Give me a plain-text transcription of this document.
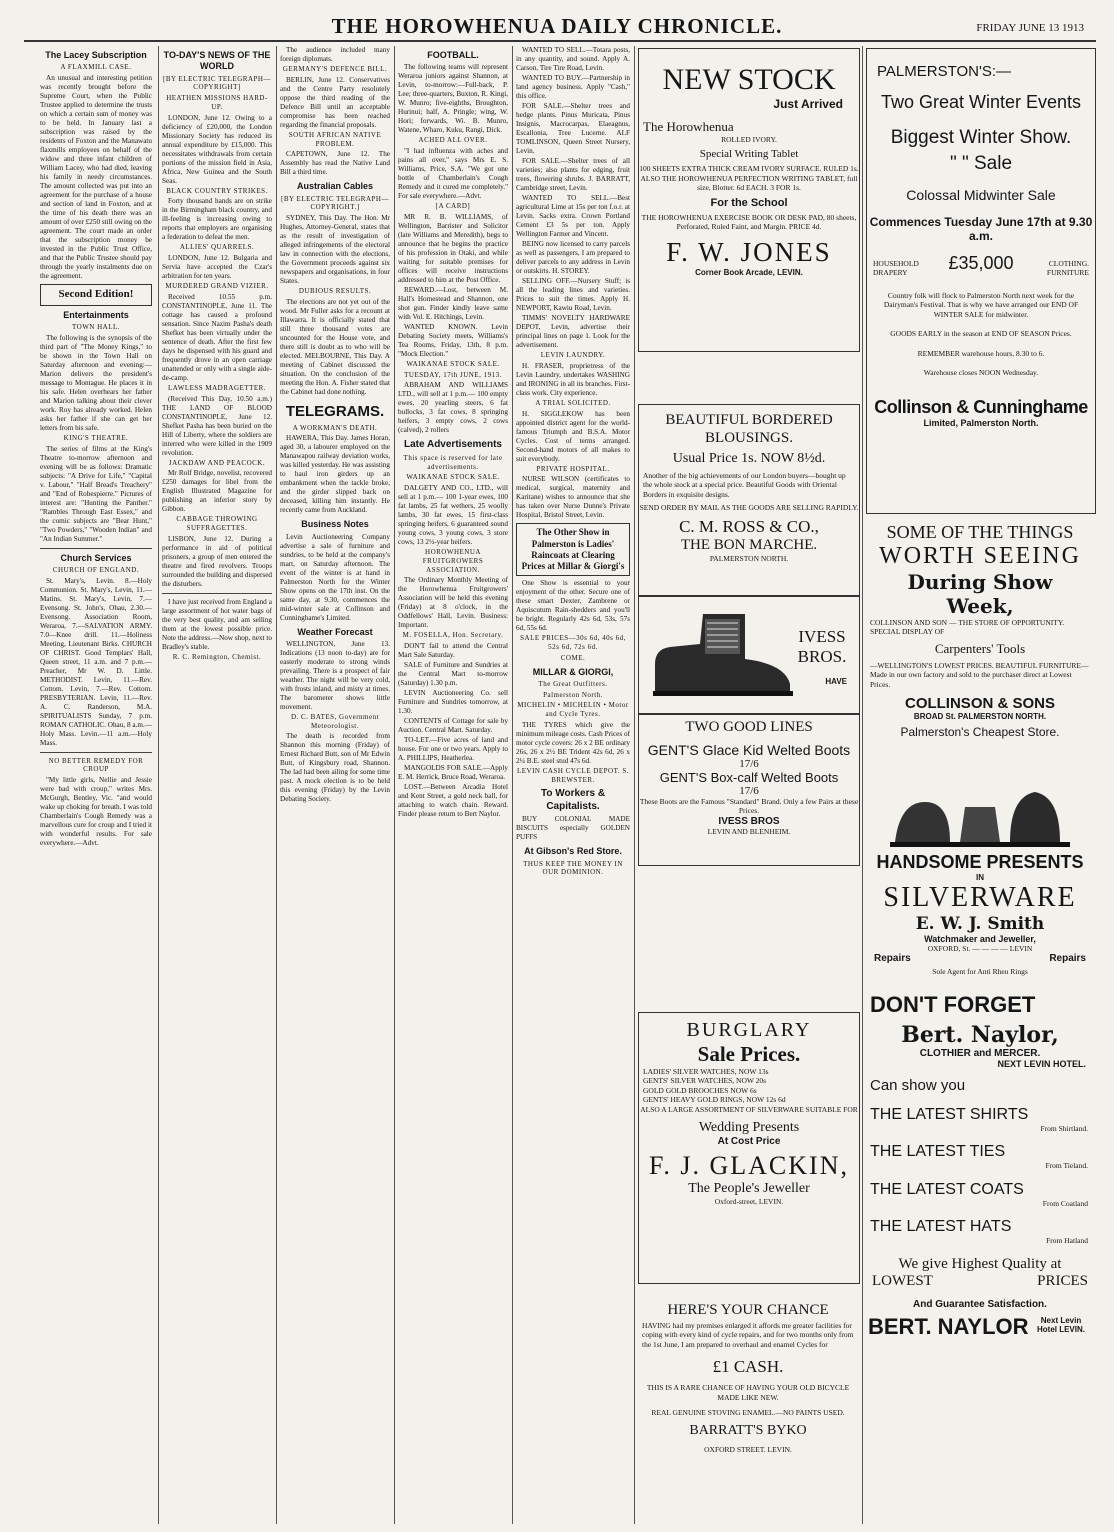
THE HOROWHENUA DAILY CHRONICLE.	FRIDAY JUNE 13 1913
The Lacey Subscription
A FLAXMILL CASE.

An unusual and interesting petition was recently brought before the Supreme Court, when the Public Trustee applied to determine the trusts on which a certain sum of money was to be held. In January last a subscription was raised by the residents of Foxton and the Manawatu flaxmills employees on behalf of the widow and three infant children of William Lacey, who had died, leaving his family in needy circumstances. The amount collected was put into an agreement for the purchase of a house and section of land in Foxton, and at the time of his death there was an amount of over £250 still owing on the agreement. The court made an order that the subscription money be invested in the Public Trust Office, and that the Public Trustee should pay through the yearly instalments due on the agreement.

Second Edition!
Entertainments
TOWN HALL.

The following is the synopsis of the third part of "The Money Kings," to be shown in the Town Hall on Saturday afternoon and evening:—Marion delivers the president's message to Montague. He places it in his safe. Helen overhears her father and Marion talking about their clever work. Roy has already worked. Helen asks her father if she can get her letters from his safe.

KING'S THEATRE.

The series of films at the King's Theatre to-morrow afternoon and evening will be as follows: Dramatic subjects: "A Drive for Life," "Capital v. Labour," "Half Bread's Treachery" and "End of Robespierre." Pictures of interest are: "Hunting the Panther." "Rambles Through East Essex," and the comic subjects are "Bear Hunt," "Two Powders," "Wooden Indian" and "An Indian Summer."

Church Services
CHURCH OF ENGLAND.

St. Mary's, Levin. 8.—Holy Communion. St. Mary's, Levin, 11.—Matins. St. Mary's, Levin, 7.—Evensong. St. John's, Ohau, 2.30.—Evensong. Association Room, Weraroa, 7.—SALVATION ARMY. 7.0—Knee drill. 11.—Holiness Meeting, Lieutenant Birks. CHURCH OF CHRIST. Good Templars' Hall, Queen street, 11 a.m. and 7 p.m.—Preacher, Mr W. D. Little. METHODIST. Levin, 11.—Rev. Cottom. Levin, 7.—Rev. Cottom. PRESBYTERIAN. Levin, 11.—Rev. A. C. Randerson, M.A. SPIRITUALISTS Sunday, 7 p.m. ROMAN CATHOLIC. Ohau, 8 a.m.—Holy Mass. Levin.—11 a.m.—Holy Mass.

NO BETTER REMEDY FOR CROUP

"My little girls, Nellie and Jessie were bad with croup," writes Mrs. McGurgh, Bentley, Vic. "and would wake up choking for breath. I was told Chamberlain's Cough Remedy was a marvellous cure for croup and I tried it with wonderful results. For sale everywhere.—Advt.

TO-DAY'S NEWS OF THE WORLD
[BY ELECTRIC TELEGRAPH—COPYRIGHT]
HEATHEN MISSIONS HARD-UP.

LONDON, June 12. Owing to a deficiency of £20,000, the London Missionary Society has reduced its annual expenditure by £15,000. This necessitates withdrawals from certain portions of the mission field in Asia, Africa, New Guinea and the South Seas.

BLACK COUNTRY STRIKES.

Forty thousand hands are on strike in the Birmingham black country, and ill-feeling is increasing owing to reports that employers are organising a federation to defeat the men.

ALLIES' QUARRELS.

LONDON, June 12. Bulgaria and Servia have accepted the Czar's arbitration for ten years.

MURDERED GRAND VIZIER.

Received 10.55 p.m. CONSTANTINOPLE, June 11. The cottage has caused a profound sensation. Since Nazim Pasha's death Shefket has been virtually under the sentence of death. After the first few days he dispensed with his guard and frequently drove in an open carriage unattended or only with a single aide-de-camp.

LAWLESS MADRAGETTER.

(Received This Day, 10.50 a.m.) THE LAND OF BLOOD CONSTANTINOPLE, June 12. Shefket Pasha has been buried on the Hill of Liberty, where the soldiers are interred who were killed in the 1909 revolution.

JACKDAW AND PEACOCK.

Mr Rolf Bridge, novelist, recovered £250 damages for libel from the English Illustrated Magazine for publishing an inferior story by Gibbon.

CABBAGE THROWING SUFFRAGETTES.

LISBON, June 12. During a performance in aid of political prisoners, a group of men entered the theatre and fired revolvers. Troops surrounded the building and dispersed the disturbers.

I have just received from England a large assortment of hot water bags of the very best quality, and am selling them at the lowest possible price. Note the address.—Now shop, next to Bradley's stable.

R. C. Remington, Chemist.

The audience included many foreign diplomats.

GERMANY'S DEFENCE BILL.

BERLIN, June 12. Conservatives and the Centre Party resolutely oppose the third reading of the Defence Bill until an acceptable compromise has been reached regarding the financial proposals.

SOUTH AFRICAN NATIVE PROBLEM.

CAPETOWN, June 12. The Assembly has read the Native Land Bill a third time.

Australian Cables
[BY ELECTRIC TELEGRAPH—COPYRIGHT.]

SYDNEY, This Day. The Hon. Mr Hughes, Attorney-General, states that as the result of investigation of alleged infringements of the electoral law in connection with the elections, the Government proceeds against six newspapers and organisations, in four States.

DUBIOUS RESULTS.

The elections are not yet out of the wood. Mr Fuller asks for a recount at Illawarra. It is officially stated that still three thousand votes are uncounted for the House vote, and there still is doubt as to who will be elected. MELBOURNE, This Day. A meeting of Cabinet discussed the situation. On the conclusion of the meeting the Hon. A. Fisher stated that the Cabinet had done nothing.

TELEGRAMS.
A WORKMAN'S DEATH.

HAWERA, This Day. James Horan, aged 30, a labourer employed on the Manawapou railway deviation works, was killed yesterday. He was assisting to haul iron girders up an embankment when the tackle broke, and the girder slipped back on deceased, killing him instantly. He recently came from Auckland.

Business Notes

Levin Auctioneering Company advertise a sale of furniture and sundries, to be held at the company's mart, on Saturday afternoon. The event of the winter is at hand in Palmerston North for the Winter Show opens on the 17th inst. On the same day, at 9.30, commences the mid-winter sale at Collinson and Cunninghame's Limited.

Weather Forecast

WELLINGTON, June 13. Indications (13 noon to-day) are for easterly moderate to strong winds prevailing. There is a prospect of fair weather. The night will be very cold, with frosts inland, and misty at times. The barometer shows little movement.

D. C. BATES, Government Meteorologist.

The death is recorded from Shannon this morning (Friday) of Ernest Richard Butt, son of Mr Edwin Butt, of Kingsbury road, Shannon. The lad had been ailing for some time past. A mock election is to be held this evening (Friday) by the Levin Debating Society.

FOOTBALL.

The following teams will represent Weraroa juniors against Shannon, at Levin, to-morrow:—Full-back, P. Lee; three-quarters, Buxton, R. Kingi, W. Munro; five-eighths, Broughton, Hurinui; half, A. Pringle; wing, W. Hori; forwards, Wi. B. Munro, Watene, Wharo, Kuku, Rangi, Dick.

ACHED ALL OVER.

"I had influenza with aches and pains all over," says Mrs E. S. Williams, Price, S.A. "We got one bottle of Chamberlain's Cough Remedy and it cured me completely." For sale everywhere.—Advt.

[A CARD]

MR R. B. WILLIAMS, of Wellington, Barrister and Solicitor (late Williams and Meredith), begs to announce that he begins the practice of his profession in Otaki, and while waiting for suitable premises for offices will receive instructions addressed to him at the Post Office.

REWARD.—Lost, between M. Hall's Homestead and Shannon, one shot gun. Finder kindly leave same with Vol. E. Hitchings, Levin.

WANTED KNOWN. Levin Debating Society meets, Williams's Tea Rooms, Friday, 13th, 8 p.m. "Mock Election."

WAIKANAE STOCK SALE.
TUESDAY, 17th JUNE, 1913.

ABRAHAM AND WILLIAMS LTD., will sell at 1 p.m.— 100 empty ewes, 20 yearling steers, 6 fat bullocks, 3 fat cows, 8 springing heifers, 3 empty cows, 2 cows (calved), 2 rollers

Late Advertisements
This space is reserved for late advertisements.
WAIKANAE STOCK SALE.

DALGETY AND CO., LTD., will sell at 1 p.m.— 100 1-year ewes, 100 fat lambs, 25 fat wethers, 25 woolly lambs, 30 fat ewes, 15 first-class springing heifers, 6 guaranteed sound young cows, 3 young cows, 3 store cows, 13 2½-year heifers.

HOROWHENUA FRUITGROWERS ASSOCIATION.

The Ordinary Monthly Meeting of the Horowhenua Fruitgrowers' Association will be held this evening (Friday) at 8 o'clock, in the Oddfellows' Hall, Levin. Business: Important.

M. FOSELLA, Hon. Secretary.

DON'T fail to attend the Central Mart Sale Saturday.

SALE of Furniture and Sundries at the Central Mart to-morrow (Saturday) 1.30 p.m.

LEVIN Auctioneering Co. sell Furniture and Sundries tomorrow, at 1.30.

CONTENTS of Cottage for sale by Auction. Central Mart. Saturday.

TO-LET.—Five acres of land and house. For one or two years. Apply to A. PHILLIPS, Heatherlea.

MANGOLDS FOR SALE.—Apply E. M. Herrick, Bruce Road, Weraroa.

LOST.—Between Arcadia Hotel and Kent Street, a gold neck ball, for attaching to watch chain. Reward. Finder please return to Bert Naylor.

WANTED TO SELL.—Totara posts, in any quantity, and sound. Apply A. Carson, Tire Tire Road, Levin.

WANTED TO BUY.—Partnership in land agency business. Apply "Cash," this office.

FOR SALE.—Shelter trees and hedge plants. Pinus Muricata, Pinus Insignis, Macrocarpas, Elaeagnus, Escallonia, Tree Lucerne. ALF TOMLINSON, Queen Street Nursery, Levin.

FOR SALE.—Shelter trees of all varieties; also plants for edging, fruit trees, flowering shrubs. J. BARRATT, Cambridge street, Levin.

WANTED TO SELL.—Best agricultural Lime at 15s per ton f.o.r. at Levin. Sacks extra. Crown Portland Cement £3 5s per ton. Apply Wellington Farmer and Vincent.

BEING now licensed to carry parcels as well as passengers, I am prepared to deliver parcels to any address in Levin or outskirts. H. STOREY.

SELLING OFF.—Nursery Stuff; is all the leading lines and varieties. Prices to suit the times. Apply H. NEWPORT, Kawiu Road, Levin.

TIMMS' NOVELTY HARDWARE DEPOT, Levin, advertise their principal lines on page 1. Look for the advertisement.

LEVIN LAUNDRY.

H. FRASER, proprietress of the Levin Laundry, undertakes WASHING and IRONING in all its branches. First-class work. City experience.

A TRIAL SOLICITED.

H. SIGGLEKOW has been appointed district agent for the world-famous Triumph and B.S.A. Motor Cycles. Cost of terms arranged. Second-hand motors of all makes to suit everybody.

PRIVATE HOSPITAL.

NURSE WILSON (certificates to medical, surgical, maternity and Karitane) wishes to announce that she has taken over Nurse Dunne's Private Hospital, Bristol Street, Levin.

The Other Show in Palmerston is Ladies' Raincoats at Clearing Prices at Millar & Giorgi's

One Show is essential to your enjoyment of the other. Secure one of these smart Dexter, Zambrene or Aquiscutum Rain-shedders and you'll be bright. Regularly 42s 6d, 53s, 57s 6d, 55s 6d.

SALE PRICES—30s 6d, 40s 6d, 52s 6d, 72s 6d.
COME.
MILLAR & GIORGI,
The Great Outfitters.
Palmerston North.
MICHELIN • MICHELIN • Motor and Cycle Tyres.

THE TYRES which give the minimum mileage costs. Cash Prices of motor cycle covers: 26 x 2 BE ordinary 26s, 26 x 2½ BE Trident 42s 6d, 26 x 2¼ B.E. steel stud 47s 6d.

LEVIN CASH CYCLE DEPOT. S. BREWSTER.
To Workers & Capitalists.

BUY COLONIAL MADE BISCUITS especially GOLDEN PUFFS

At Gibson's Red Store.
THUS KEEP THE MONEY IN OUR DOMINION.
NEW STOCK
Just Arrived
The Horowhenua
ROLLED IVORY.
Special Writing Tablet
100 SHEETS EXTRA THICK CREAM IVORY SURFACE. RULED 1s.
ALSO THE HOROWHENUA PERFECTION WRITING TABLET, full size, Blotter. 6d EACH. 3 FOR 1s.
For the School
THE HOROWHENUA EXERCISE BOOK OR DESK PAD, 80 sheets, Perforated, Ruled Faint, and Margin. PRICE 4d.
F. W. JONES
Corner Book Arcade, LEVIN.
BEAUTIFUL BORDERED BLOUSINGS.
Usual Price 1s. NOW 8½d.
Another of the big achievements of our London buyers—bought up the whole stock at a special price. Beautiful Goods with Oriental Borders in exquisite designs.
SEND ORDER BY MAIL AS THE GOODS ARE SELLING RAPIDLY.
C. M. ROSS & CO.,
THE BON MARCHE.
PALMERSTON NORTH.
IVESS BROS.
HAVE
TWO GOOD LINES
GENT'S Glace Kid Welted Boots
17/6
GENT'S Box-calf Welted Boots
17/6
These Boots are the Famous "Standard" Brand. Only a few Pairs at these Prices.
IVESS BROS
LEVIN AND BLENHEIM.
BURGLARY
Sale Prices.
LADIES' SILVER WATCHES, NOW 13s
GENTS' SILVER WATCHES, NOW 20s
GOLD GOLD BROOCHES NOW 6s
GENTS' HEAVY GOLD RINGS, NOW 12s 6d
ALSO A LARGE ASSORTMENT OF SILVERWARE SUITABLE FOR
Wedding Presents
At Cost Price
F. J. GLACKIN,
The People's Jeweller
Oxford-street, LEVIN.
HERE'S YOUR CHANCE
HAVING had my premises enlarged it affords me greater facilities for coping with every kind of cycle repairs, and for two months only from the 1st June, I am prepared to overhaul and enamel Cycles for
£1 CASH.
THIS IS A RARE CHANCE OF HAVING YOUR OLD BICYCLE MADE LIKE NEW.
REAL GENUINE STOVING ENAMEL.—NO PAINTS USED.
BARRATT'S BYKO
OXFORD STREET. LEVIN.
PALMERSTON'S:—
Two Great Winter Events
Biggest Winter Show.
" " Sale
Colossal Midwinter Sale
Commences Tuesday June 17th at 9.30 a.m.
HOUSEHOLD DRAPERY	£35,000	CLOTHING. FURNITURE
Country folk will flock to Palmerston North next week for the Dairyman's Festival. That is why we have arranged our END OF WINTER SALE for midwinter.
GOODS EARLY in the season at END OF SEASON Prices.
REMEMBER warehouse hours, 8.30 to 6.
Warehouse closes NOON Wednesday.
Collinson & Cunninghame
Limited, Palmerston North.
SOME OF THE THINGS
WORTH SEEING
During Show
Week,
COLLINSON AND SON — THE STORE OF OPPORTUNITY. SPECIAL DISPLAY OF
Carpenters' Tools
—WELLINGTON'S LOWEST PRICES. BEAUTIFUL FURNITURE—Made in our own factory and sold to the purchaser direct at Lowest Prices.
COLLINSON & SONS
BROAD St. PALMERSTON NORTH.
Palmerston's Cheapest Store.
HANDSOME PRESENTS
IN
SILVERWARE
E. W. J. Smith
Watchmaker and Jeweller,
OXFORD, St. — — — — LEVIN
Repairs	Repairs
Sole Agent for Anti Rheu Rings
DON'T FORGET
Bert. Naylor,
CLOTHIER and MERCER.
NEXT LEVIN HOTEL.
Can show you
THE LATEST SHIRTS
From Shirtland.
THE LATEST TIES
From Tieland.
THE LATEST COATS
From Coatland
THE LATEST HATS
From Hatland
We give Highest Quality at
LOWEST	PRICES
And Guarantee Satisfaction.
BERT. NAYLOR	Next Levin Hotel LEVIN.
